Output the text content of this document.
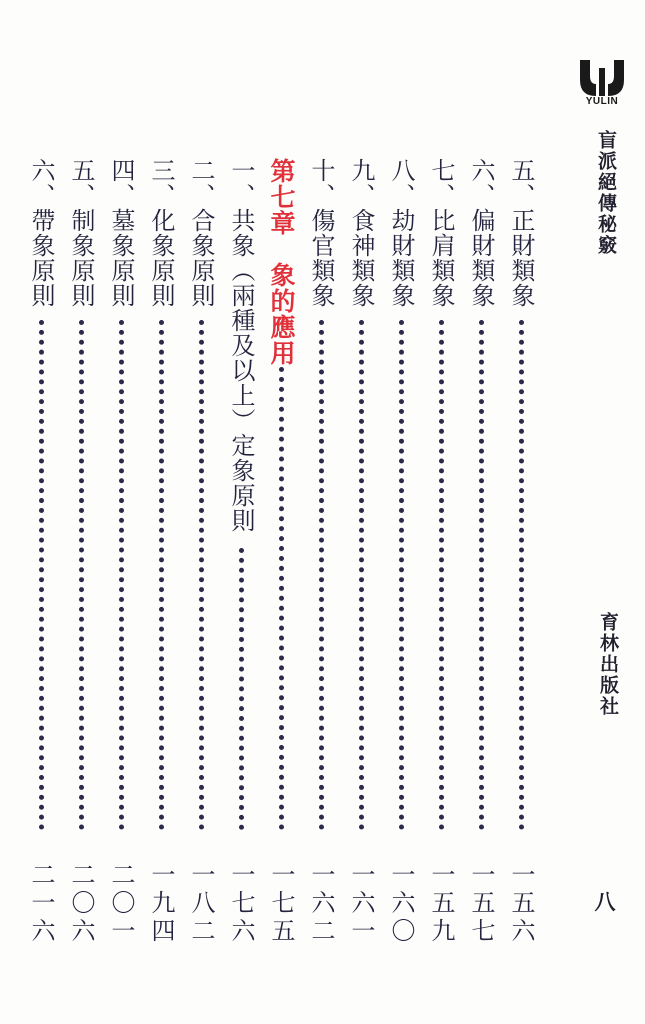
YULIN
盲派絕傳秘竅
育林出版社
八
五、正財類象
一五六
六、偏財類象
一五七
七、比肩類象
一五九
八、劫財類象
一六〇
九、食神類象
一六一
十、傷官類象
一六二
第七章　象的應用
一七五
一、共象（兩種及以上）定象原則
一七六
二、合象原則
一八二
三、化象原則
一九四
四、墓象原則
二〇一
五、制象原則
二〇六
六、帶象原則
二一六
